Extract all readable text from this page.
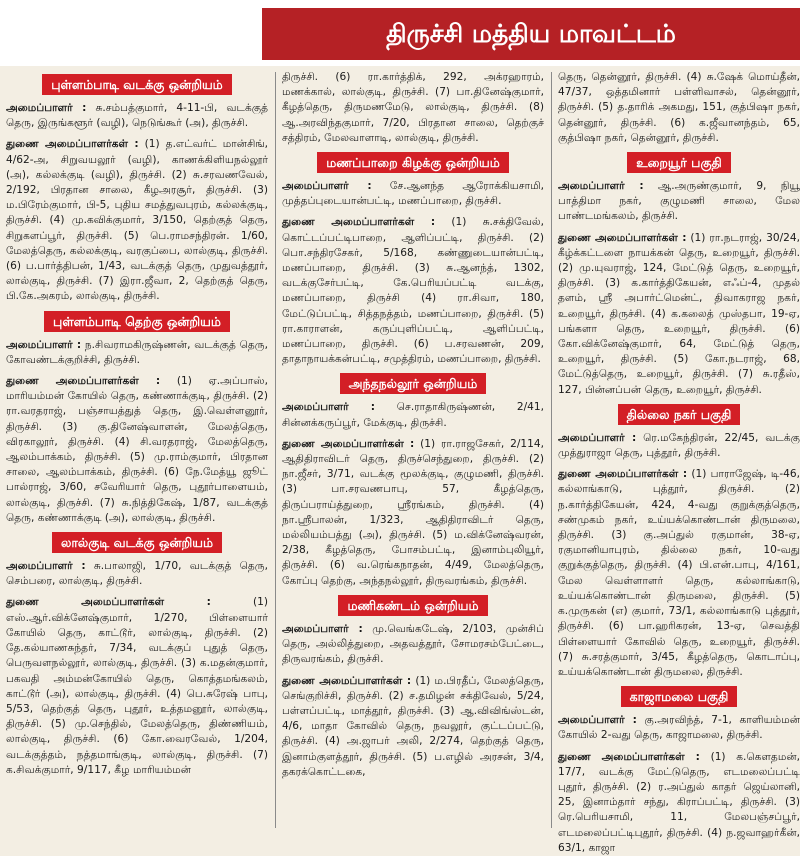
திருச்சி மத்திய மாவட்டம்
புள்ளம்பாடி வடக்கு ஒன்றியம்

அமைப்பாளர் : சு.சம்பத்குமார், 4-11-பி, வடக்குத் தெரு, இருங்களூர் (வழி), நெடுங்கூர் (அ), திருச்சி.

துணை அமைப்பாளர்கள் : (1) த.எட்வர்ட் மான்சிங், 4/62-அ, சிறுவயலூர் (வழி), காணக்கிளியநல்லூர் (அ), கல்லக்குடி (வழி), திருச்சி. (2) சு.சரவணவேல், 2/192, பிரதான சாலை, கீழஅரசூர், திருச்சி. (3) ம.பிரேம்குமார், பி-5, புதிய சமத்துவபுரம், கல்லக்குடி, திருச்சி. (4) மு.கவிக்குமார், 3/150, தெற்குத் தெரு, சிறுகளப்பூர், திருச்சி. (5) பெ.ராமசந்திரன். 1/60, மேலத்தெரு, கல்லக்குடி, வரகுப்பை, லால்குடி, திருச்சி. (6) ப.பார்த்திபன், 1/43, வடக்குத் தெரு, முதுவத்தூர், லால்குடி, திருச்சி. (7) இரா.ஜீவா, 2, தெற்குத் தெரு, பி.கே.அகரம், லால்குடி, திருச்சி.

புள்ளம்பாடி தெற்கு ஒன்றியம்

அமைப்பாளர் : ந.சிவராமகிருஷ்ணன், வடக்குத் தெரு, கோவண்டக்குறிச்சி, திருச்சி.

துணை அமைப்பாளர்கள் : (1) ஏ.அப்பாஸ், மாரியம்மன் கோயில் தெரு, கண்ணாக்குடி, திருச்சி. (2) ரா.வரதராஜ், பஞ்சாயத்துத் தெரு, இ.வெள்ளனூர், திருச்சி. (3) கு.தினேஷ்வாளன், மேலத்தெரு, விரகாலூர், திருச்சி. (4) சி.வரதராஜ், மேலத்தெரு, ஆலம்பாக்கம், திருச்சி. (5) மு.ராம்குமார், பிரதான சாலை, ஆலம்பாக்கம், திருச்சி. (6) நே.மேத்யூ ஜூட் பால்ராஜ், 3/60, சவேரியார் தெரு, புதூர்பாளையம், லால்குடி, திருச்சி. (7) சு.நித்திகேஷ், 1/87, வடக்குத் தெரு, கண்ணாக்குடி (அ), லால்குடி, திருச்சி.

லால்குடி வடக்கு ஒன்றியம்

அமைப்பாளர் : சு.பாலாஜி, 1/70, வடக்குத் தெரு, செம்பரை, லால்குடி, திருச்சி.

துணை அமைப்பாளர்கள் :	(1) எஸ்.ஆர்.விக்னேஷ்குமார், 1/270, பிள்ளையார் கோயில் தெரு, காட்டூர், லால்குடி, திருச்சி. (2) தே.கல்யாணசுந்தர், 7/34, வடக்குப் புதுத் தெரு, பெருவளநல்லூர், லால்குடி, திருச்சி. (3) க.மதன்குமார், பகவதி அம்மன்கோயில் தெரு, கொத்தமங்கலம், காட்டூர் (அ), லால்குடி, திருச்சி. (4) பெ.சுரேஷ் பாபு, 5/53, தெற்குத் தெரு, புதூர், உத்தமனூர், லால்குடி, திருச்சி. (5) மு.செந்தில், மேலத்தெரு, திண்ணியம், லால்குடி, திருச்சி. (6) கோ.வைரவேல், 1/204, வடக்குத்தம், நத்தமாங்குடி, லால்குடி, திருச்சி. (7) க.சிவக்குமார், 9/117, கீழ மாரியம்மன்

திருச்சி. (6) ரா.கார்த்திக், 292, அக்ரஹாரம், மணக்கால், லால்குடி, திருச்சி. (7) பா.தினேஷ்குமார், கீழத்தெரு, திருமணமேடு, லால்குடி, திருச்சி. (8) ஆ.அரவிந்தகுமார், 7/20, பிரதான சாலை, தெற்குச் சத்திரம், மேலவாளாடி, லால்குடி, திருச்சி.

மணப்பாறை கிழக்கு ஒன்றியம்

அமைப்பாளர் : சே.ஆனந்த ஆரோக்கியசாமி, முத்தப்புடையான்பட்டி, மணப்பாறை, திருச்சி.

துணை அமைப்பாளர்கள் : (1) சு.சக்திவேல், கொட்டப்பட்டிபாறை, ஆளிப்பட்டி, திருச்சி. (2) பொ.சந்திரசேகர், 5/168, கண்ணுடையான்பட்டி, மணப்பாறை, திருச்சி. (3) சு.ஆனந்த், 1302, வடக்குசேர்பட்டி, கே.பெரியப்பட்டி வடக்கு, மணப்பாறை, திருச்சி (4) ரா.சிவா, 180, மேட்டுப்பட்டி, சித்தநத்தம், மணப்பாறை, திருச்சி. (5) ரா.காராளன், கருப்புளிப்பட்டி, ஆளிப்பட்டி, மணப்பாறை, திருச்சி. (6) ப.சரவணன், 209, தாதாநாயக்கன்பட்டி, சமுத்திரம், மணப்பாறை, திருச்சி.

அந்தநல்லூர் ஒன்றியம்

அமைப்பாளர் : செ.ராதாகிருஷ்ணன், 2/41, சின்னக்கருப்பூர், மேக்குடி, திருச்சி.

துணை அமைப்பாளர்கள் : (1) ரா.ராஜசேகர், 2/114, ஆதிதிராவிடர் தெரு, திருச்செந்துறை, திருச்சி. (2) நா.ஜீசர், 3/71, வடக்கு மூலக்குடி, குழுமணி, திருச்சி. (3) பா.சரவணபாபு, 57, கீழத்தெரு, திருப்பராய்த்துறை, ஸ்ரீரங்கம், திருச்சி. (4) நா.ஸ்ரீபாலன், 1/323, ஆதிதிராவிடர் தெரு, மல்லியம்பத்து (அ), திருச்சி. (5) ம.விக்னேஷ்வரன், 2/38, கீழத்தெரு, போசம்பட்டி, இனாம்புலியூர், திருச்சி. (6) வ.ரெங்கநாதன், 4/49, மேலத்தெரு, கோப்பு தெற்கு, அந்தநல்லூர், திருவரங்கம், திருச்சி.

மணிகண்டம் ஒன்றியம்

அமைப்பாளர் : மு.வெங்கடேஷ், 2/103, முன்சிப் தெரு, அல்லித்துறை, அதவத்தூர், சோமரசம்பேட்டை, திருவரங்கம், திருச்சி.

துணை அமைப்பாளர்கள் : (1) ம.பிரதீப், மேலத்தெரு, செங்குறிச்சி, திருச்சி. (2) ச.தமிழன் சக்திவேல், 5/24, பள்ளப்பட்டி, மாத்தூர், திருச்சி. (3) ஆ.விவிங்ஸ்டன், 4/6, மாதா கோவில் தெரு, நவலூர், குட்டப்பட்டு, திருச்சி. (4) அ.ஜாபர் அலி, 2/274, தெற்குத் தெரு, இனாம்குளத்தூர், திருச்சி. (5) ப.எழில் அரசன், 3/4, தகரக்கொட்டகை,

தெரு, தென்னூர், திருச்சி. (4) சு.ஷேக் மொய்தீன், 47/37, ஒத்தமினார் பள்ளிவாசல், தென்னூர், திருச்சி. (5) த.தாரிக் அகமது, 151, குத்பிஷா நகர், தென்னூர், திருச்சி. (6) க.ஜீவானந்தம், 65, குத்பிஷா நகர், தென்னூர், திருச்சி.

உறையூர் பகுதி

அமைப்பாளர் : ஆ.அருண்குமார், 9, நியூ பாத்திமா நகர், குழுமணி சாலை, மேல பாண்டமங்கலம், திருச்சி.

துணை அமைப்பாளர்கள் : (1) ரா.நடராஜ், 30/24, கீழ்க்கட்டளை நாயக்கன் தெரு, உறையூர், திருச்சி. (2) மு.யுவராஜ், 124, மேட்டுத் தெரு, உறையூர், திருச்சி. (3) க.கார்த்திகேயன், எஃப்-4, முதல் தளம், ஸ்ரீ அபார்ட்மென்ட், திவாகராஜ நகர், உறையூர், திருச்சி. (4) க.கலைத் முஸ்தபா, 19-ஏ, பங்களா தெரு, உறையூர், திருச்சி. (6) கோ.விக்னேஷ்குமார், 64, மேட்டுத் தெரு, உறையூர், திருச்சி. (5) கோ.நடராஜ், 68, மேட்டுத்தெரு, உறையூர், திருச்சி. (7) சு.ரதீஸ், 127, பின்னப்பன் தெரு, உறையூர், திருச்சி.

தில்லை நகர் பகுதி

அமைப்பாளர் : ரெ.மகேந்திரன், 22/45, வடக்கு முத்துராஜா தெரு, புத்தூர், திருச்சி.

துணை அமைப்பாளர்கள் : (1) பாராஜேஷ், டி-46, கல்லாங்காடு, புத்தூர், திருச்சி. (2) ந.கார்த்திகேயன், 424, 4-வது குறுக்குத்தெரு, சண்முகம் நகர், உய்யக்கொண்டான் திருமலை, திருச்சி. (3) கு.அப்துல் ரகுமான், 38-ஏ, ரகுமானியாபுரம், தில்லை நகர், 10-வது குறுக்குத்தெரு, திருச்சி. (4) பி.என்.பாபு, 4/161, மேல வெள்ளாளர் தெரு, கல்லாங்காடு, உய்யக்கொண்டான் திருமலை, திருச்சி. (5) க.முருகன் (எ) குமார், 73/1, கல்லாங்காடு புத்தூர், திருச்சி. (6) பா.ஹரிகரன், 13-ஏ, செவத்தி பிள்ளையார் கோவில் தெரு, உறையூர், திருச்சி. (7) சு.சரத்குமார், 3/45, கீழத்தெரு, கொடாப்பு, உய்யக்கொண்டான் திருமலை, திருச்சி.

காஜாமலை பகுதி

அமைப்பாளர் : கு.அரவிந்த், 7-1, காளியம்மன் கோயில் 2-வது தெரு, காஜாமலை, திருச்சி.

துணை அமைப்பாளர்கள் : (1) க.கௌதமன், 17/7, வடக்கு மேட்டுதெரு, எடமலைப்பட்டி புதூர், திருச்சி. (2) ர.அப்துல் காதர் ஜெய்லானி, 25, இனாம்தார் சந்து, கிராப்பட்டி, திருச்சி. (3) ரெ.பெரியசாமி, 11, மேலபஞ்சப்பூர், எடமலைப்பட்டிபுதூர், திருச்சி. (4) ந.ஜவாஹர்கீன், 63/1, காஜா
